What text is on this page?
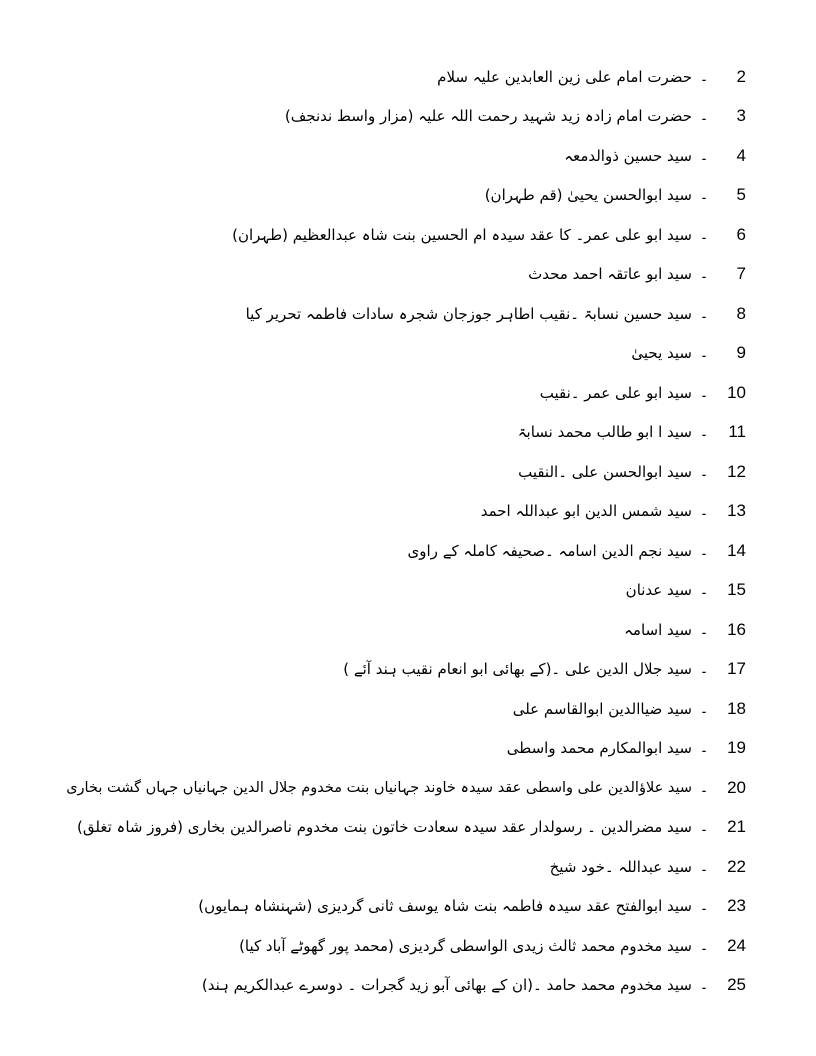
2
۔
حضرت امام علی زین العابدین علیہ سلام
3
۔
حضرت امام زادہ زید شہید رحمت اللہ علیہ (مزار واسط ندنجف)
4
۔
سید حسین ذوالدمعہ
5
۔
سید ابوالحسن یحییٰ (قم طہران)
6
۔
سید ابو علی عمر۔ کا عقد سیدہ ام الحسین بنت شاہ عبدالعظیم (طہران)
7
۔
سید ابو عاتقہ احمد محدث
8
۔
سید حسین نسابۃ ۔نقیب اطاہر جوزجان شجرہ سادات فاطمہ تحریر کیا
9
۔
سید یحییٰ
10
۔
سید ابو علی عمر ۔نقیب
11
۔
سید ا ابو طالب محمد نسابۃ
12
۔
سید ابوالحسن علی ۔النقیب
13
۔
سید شمس الدین ابو عبداللہ احمد
14
۔
سید نجم الدین اسامہ ۔صحیفہ کاملہ کے راوی
15
۔
سید عدنان
16
۔
سید اسامہ
17
۔
سید جلال الدین علی ۔(کے بھائی ابو انعام نقیب ہند آئے )
18
۔
سید ضیاالدین ابوالقاسم علی
19
۔
سید ابوالمکارم محمد واسطی
20
۔
سید علاؤالدین علی واسطی عقد سیدہ خاوند جہانیاں بنت مخدوم جلال الدین جہانیاں جہاں گشت بخاری
21
۔
سید مضرالدین ۔ رسولدار عقد سیدہ سعادت خاتون بنت مخدوم ناصرالدین بخاری (فروز شاہ تغلق)
22
۔
سید عبداللہ ۔خود شیخ
23
۔
سید ابوالفتح عقد سیدہ فاطمہ بنت شاہ یوسف ثانی گردیزی (شہنشاہ ہمایوں)
24
۔
سید مخدوم محمد ثالث زیدی الواسطی گردیزی (محمد پور گھوٹے آباد کیا)
25
۔
سید مخدوم محمد حامد ۔(ان کے بھائی آبو زید گجرات ۔ دوسرے عبدالکریم ہند)
